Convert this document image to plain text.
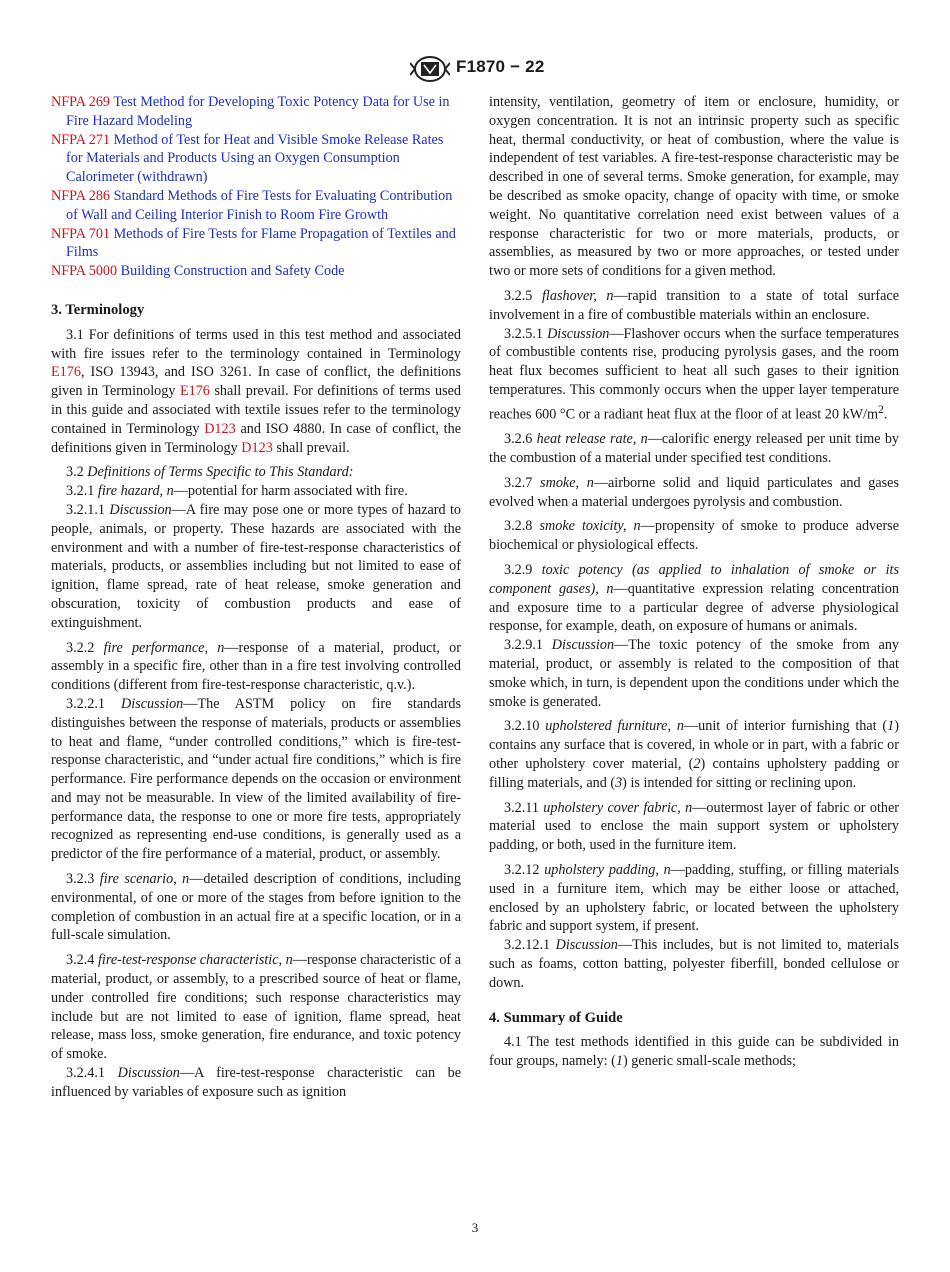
F1870 − 22

NFPA 269 Test Method for Developing Toxic Potency Data for Use in Fire Hazard Modeling

NFPA 271 Method of Test for Heat and Visible Smoke Release Rates for Materials and Products Using an Oxygen Consumption Calorimeter (withdrawn)

NFPA 286 Standard Methods of Fire Tests for Evaluating Contribution of Wall and Ceiling Interior Finish to Room Fire Growth

NFPA 701 Methods of Fire Tests for Flame Propagation of Textiles and Films

NFPA 5000 Building Construction and Safety Code

3. Terminology

3.1 For definitions of terms used in this test method and associated with fire issues refer to the terminology contained in Terminology E176, ISO 13943, and ISO 3261. In case of conflict, the definitions given in Terminology E176 shall prevail. For definitions of terms used in this guide and associated with textile issues refer to the terminology contained in Terminology D123 and ISO 4880. In case of conflict, the definitions given in Terminology D123 shall prevail.

3.2 Definitions of Terms Specific to This Standard:

3.2.1 fire hazard, n—potential for harm associated with fire.

3.2.1.1 Discussion—A fire may pose one or more types of hazard to people, animals, or property. These hazards are associated with the environment and with a number of fire-test-response characteristics of materials, products, or assemblies including but not limited to ease of ignition, flame spread, rate of heat release, smoke generation and obscuration, toxicity of combustion products and ease of extinguishment.

3.2.2 fire performance, n—response of a material, product, or assembly in a specific fire, other than in a fire test involving controlled conditions (different from fire-test-response characteristic, q.v.).

3.2.2.1 Discussion—The ASTM policy on fire standards distinguishes between the response of materials, products or assemblies to heat and flame, “under controlled conditions,” which is fire-test-response characteristic, and “under actual fire conditions,” which is fire performance. Fire performance depends on the occasion or environment and may not be measurable. In view of the limited availability of fire-performance data, the response to one or more fire tests, appropriately recognized as representing end-use conditions, is generally used as a predictor of the fire performance of a material, product, or assembly.

3.2.3 fire scenario, n—detailed description of conditions, including environmental, of one or more of the stages from before ignition to the completion of combustion in an actual fire at a specific location, or in a full-scale simulation.

3.2.4 fire-test-response characteristic, n—response characteristic of a material, product, or assembly, to a prescribed source of heat or flame, under controlled fire conditions; such response characteristics may include but are not limited to ease of ignition, flame spread, heat release, mass loss, smoke generation, fire endurance, and toxic potency of smoke.

3.2.4.1 Discussion—A fire-test-response characteristic can be influenced by variables of exposure such as ignition

intensity, ventilation, geometry of item or enclosure, humidity, or oxygen concentration. It is not an intrinsic property such as specific heat, thermal conductivity, or heat of combustion, where the value is independent of test variables. A fire-test-response characteristic may be described in one of several terms. Smoke generation, for example, may be described as smoke opacity, change of opacity with time, or smoke weight. No quantitative correlation need exist between values of a response characteristic for two or more materials, products, or assemblies, as measured by two or more approaches, or tested under two or more sets of conditions for a given method.

3.2.5 flashover, n—rapid transition to a state of total surface involvement in a fire of combustible materials within an enclosure.

3.2.5.1 Discussion—Flashover occurs when the surface temperatures of combustible contents rise, producing pyrolysis gases, and the room heat flux becomes sufficient to heat all such gases to their ignition temperatures. This commonly occurs when the upper layer temperature reaches 600 °C or a radiant heat flux at the floor of at least 20 $kW/m^2$.

3.2.6 heat release rate, n—calorific energy released per unit time by the combustion of a material under specified test conditions.

3.2.7 smoke, n—airborne solid and liquid particulates and gases evolved when a material undergoes pyrolysis and combustion.

3.2.8 smoke toxicity, n—propensity of smoke to produce adverse biochemical or physiological effects.

3.2.9 toxic potency (as applied to inhalation of smoke or its component gases), n—quantitative expression relating concentration and exposure time to a particular degree of adverse physiological response, for example, death, on exposure of humans or animals.

3.2.9.1 Discussion—The toxic potency of the smoke from any material, product, or assembly is related to the composition of that smoke which, in turn, is dependent upon the conditions under which the smoke is generated.

3.2.10 upholstered furniture, n—unit of interior furnishing that (1) contains any surface that is covered, in whole or in part, with a fabric or other upholstery cover material, (2) contains upholstery padding or filling materials, and (3) is intended for sitting or reclining upon.

3.2.11 upholstery cover fabric, n—outermost layer of fabric or other material used to enclose the main support system or upholstery padding, or both, used in the furniture item.

3.2.12 upholstery padding, n—padding, stuffing, or filling materials used in a furniture item, which may be either loose or attached, enclosed by an upholstery fabric, or located between the upholstery fabric and support system, if present.

3.2.12.1 Discussion—This includes, but is not limited to, materials such as foams, cotton batting, polyester fiberfill, bonded cellulose or down.

4. Summary of Guide

4.1 The test methods identified in this guide can be subdivided in four groups, namely: (1) generic small-scale methods;

3
